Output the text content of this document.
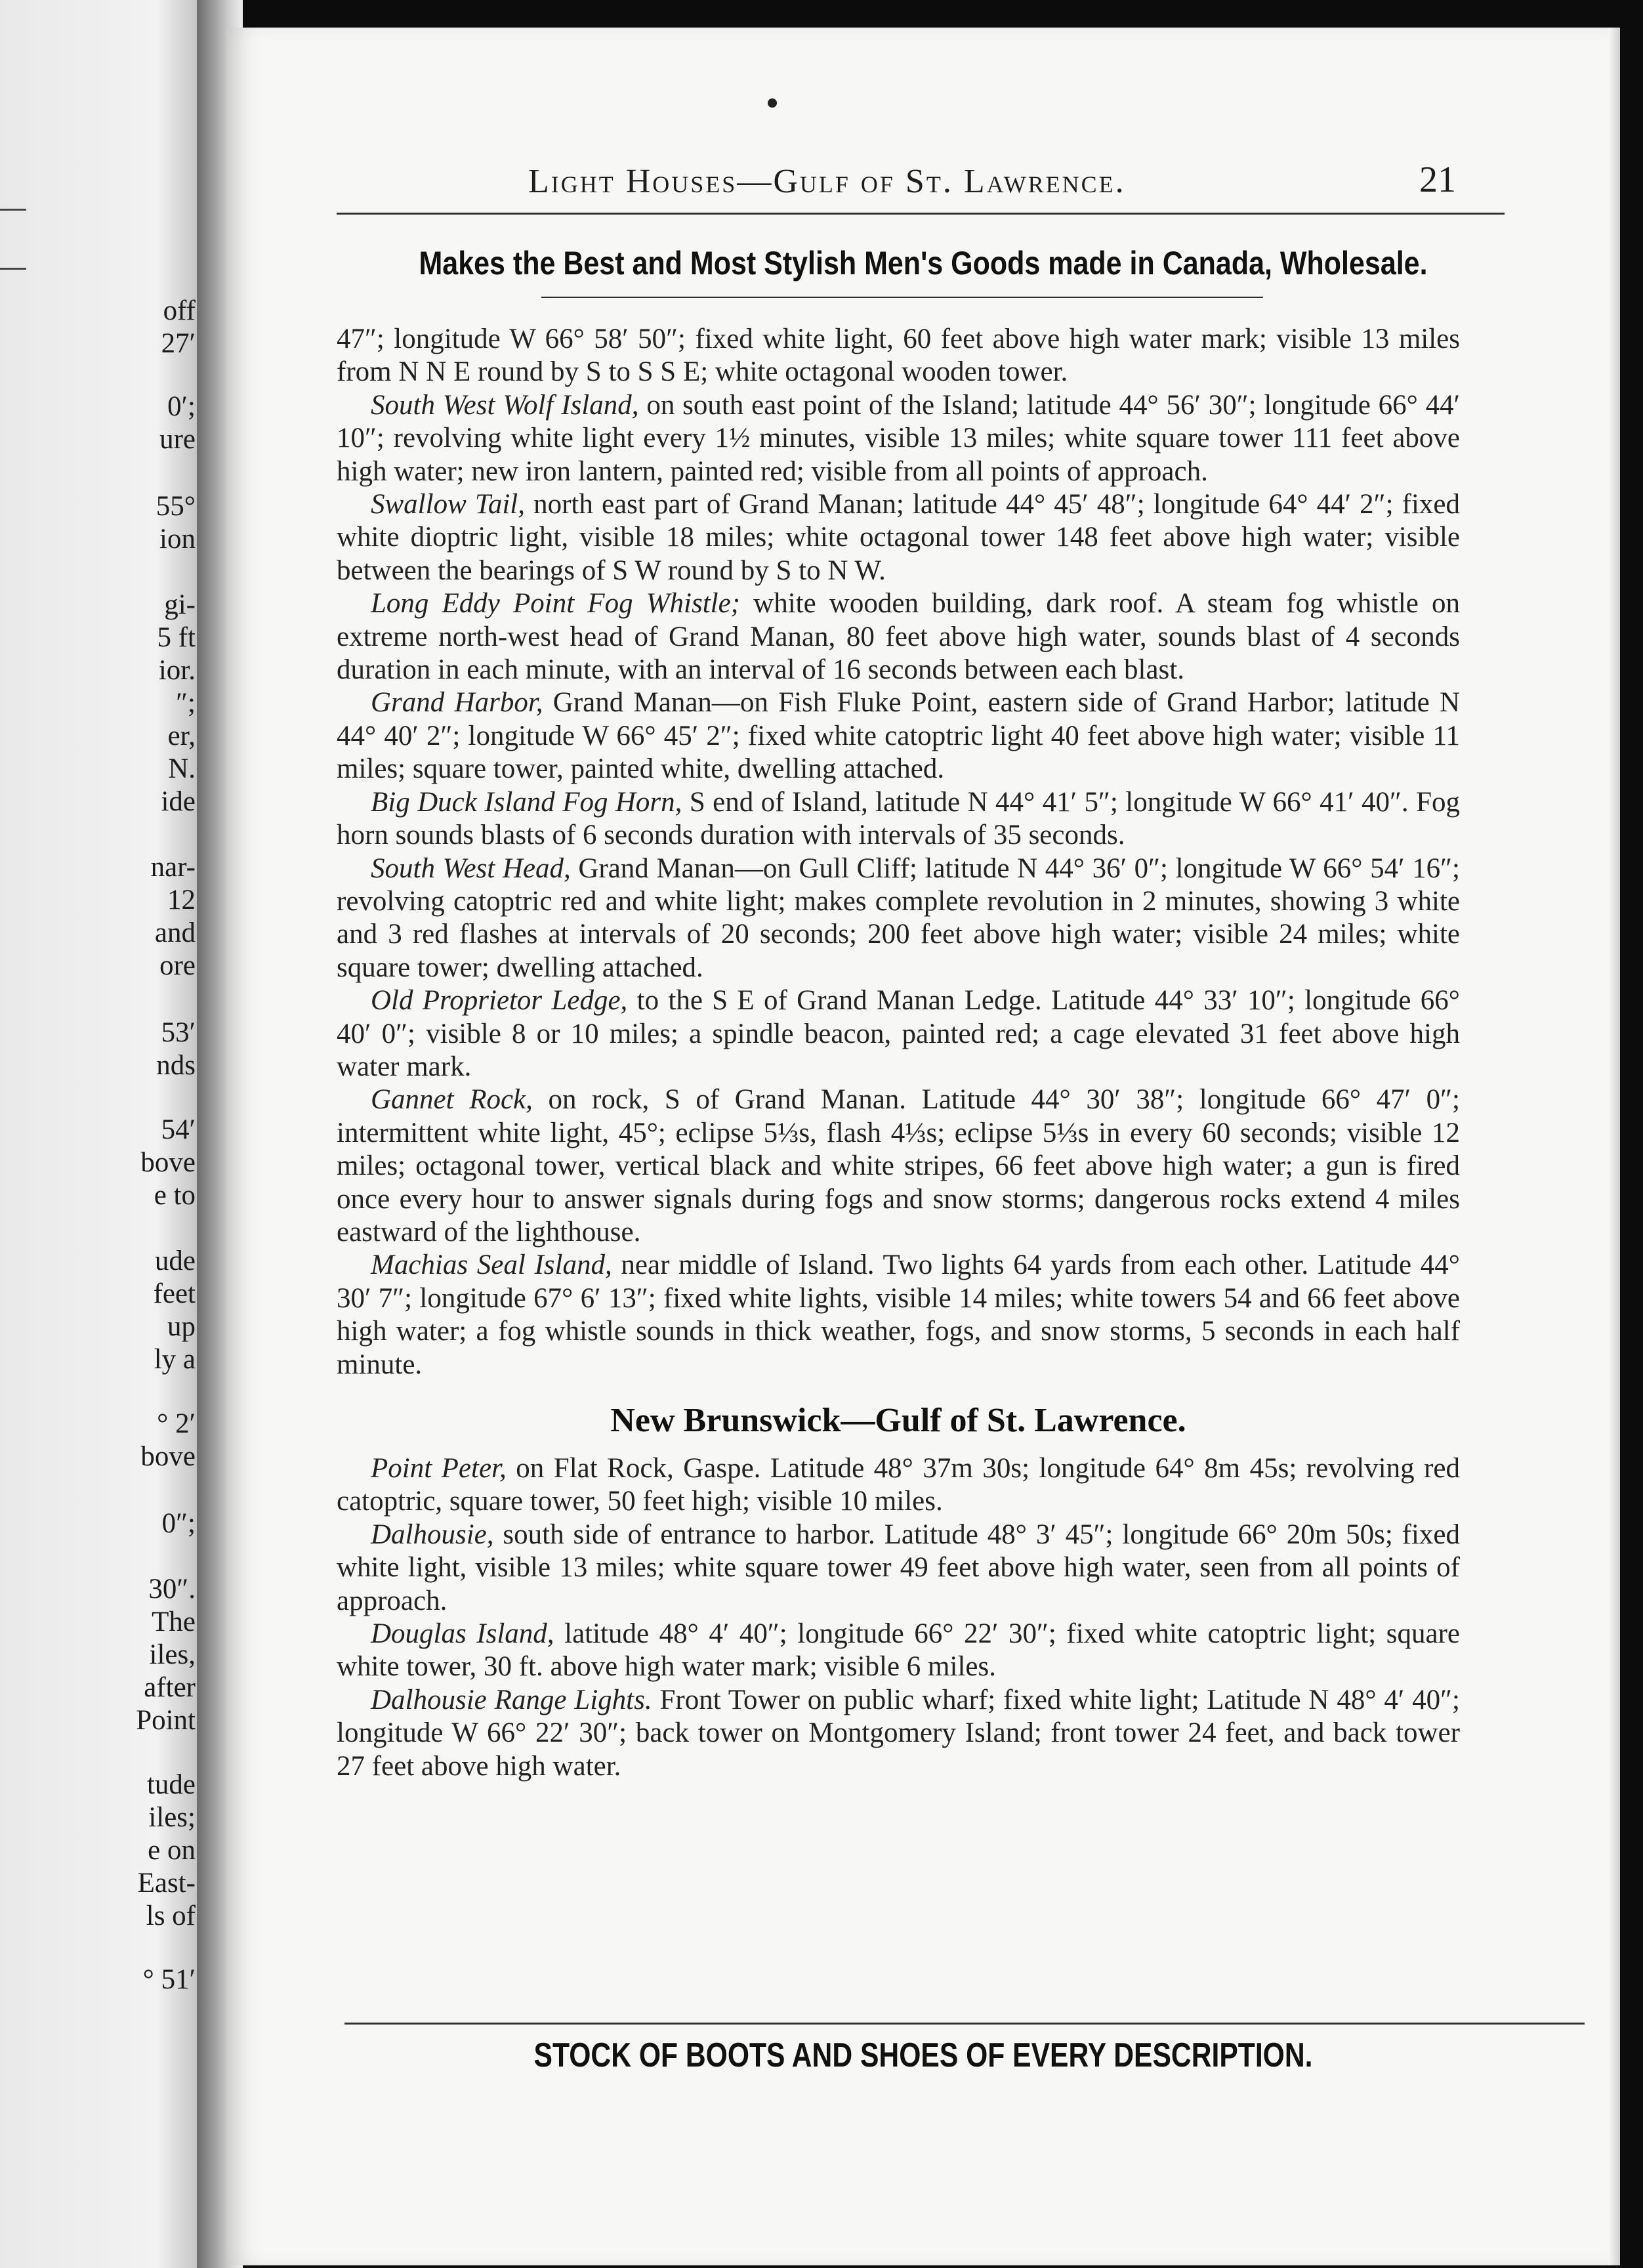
off
27′
0′;
ure
55°
ion
gi-
5 ft
ior.
″;
er,
N.
ide
nar-
12
and
ore
53′
nds
54′
bove
e to
ude
feet
up
ly a
° 2′
bove
0″;
30″.
The
iles,
after
Point
tude
iles;
e on
East-
ls of
° 51′
Light Houses—Gulf of St. Lawrence.	21
Makes the Best and Most Stylish Men's Goods made in Canada, Wholesale.

47″; longitude W 66° 58′ 50″; fixed white light, 60 feet above high water mark; visible 13 miles from N N E round by S to S S E; white octagonal wooden tower.

South West Wolf Island, on south east point of the Island; latitude 44° 56′ 30″; longitude 66° 44′ 10″; revolving white light every 1½ minutes, visible 13 miles; white square tower 111 feet above high water; new iron lantern, painted red; visible from all points of approach.

Swallow Tail, north east part of Grand Manan; latitude 44° 45′ 48″; longitude 64° 44′ 2″; fixed white dioptric light, visible 18 miles; white octagonal tower 148 feet above high water; visible between the bearings of S W round by S to N W.

Long Eddy Point Fog Whistle; white wooden building, dark roof. A steam fog whistle on extreme north-west head of Grand Manan, 80 feet above high water, sounds blast of 4 seconds duration in each minute, with an interval of 16 seconds between each blast.

Grand Harbor, Grand Manan—on Fish Fluke Point, eastern side of Grand Harbor; latitude N 44° 40′ 2″; longitude W 66° 45′ 2″; fixed white catoptric light 40 feet above high water; visible 11 miles; square tower, painted white, dwelling attached.

Big Duck Island Fog Horn, S end of Island, latitude N 44° 41′ 5″; longitude W 66° 41′ 40″. Fog horn sounds blasts of 6 seconds duration with intervals of 35 seconds.

South West Head, Grand Manan—on Gull Cliff; latitude N 44° 36′ 0″; longitude W 66° 54′ 16″; revolving catoptric red and white light; makes complete revolution in 2 minutes, showing 3 white and 3 red flashes at intervals of 20 seconds; 200 feet above high water; visible 24 miles; white square tower; dwelling attached.

Old Proprietor Ledge, to the S E of Grand Manan Ledge. Latitude 44° 33′ 10″; longitude 66° 40′ 0″; visible 8 or 10 miles; a spindle beacon, painted red; a cage elevated 31 feet above high water mark.

Gannet Rock, on rock, S of Grand Manan. Latitude 44° 30′ 38″; longitude 66° 47′ 0″; intermittent white light, 45°; eclipse 5⅓s, flash 4⅓s; eclipse 5⅓s in every 60 seconds; visible 12 miles; octagonal tower, vertical black and white stripes, 66 feet above high water; a gun is fired once every hour to answer signals during fogs and snow storms; dangerous rocks extend 4 miles eastward of the lighthouse.

Machias Seal Island, near middle of Island. Two lights 64 yards from each other. Latitude 44° 30′ 7″; longitude 67° 6′ 13″; fixed white lights, visible 14 miles; white towers 54 and 66 feet above high water; a fog whistle sounds in thick weather, fogs, and snow storms, 5 seconds in each half minute.

New Brunswick—Gulf of St. Lawrence.

Point Peter, on Flat Rock, Gaspe. Latitude 48° 37m 30s; longitude 64° 8m 45s; revolving red catoptric, square tower, 50 feet high; visible 10 miles.

Dalhousie, south side of entrance to harbor. Latitude 48° 3′ 45″; longitude 66° 20m 50s; fixed white light, visible 13 miles; white square tower 49 feet above high water, seen from all points of approach.

Douglas Island, latitude 48° 4′ 40″; longitude 66° 22′ 30″; fixed white catoptric light; square white tower, 30 ft. above high water mark; visible 6 miles.

Dalhousie Range Lights. Front Tower on public wharf; fixed white light; Latitude N 48° 4′ 40″; longitude W 66° 22′ 30″; back tower on Montgomery Island; front tower 24 feet, and back tower 27 feet above high water.

STOCK OF BOOTS AND SHOES OF EVERY DESCRIPTION.
